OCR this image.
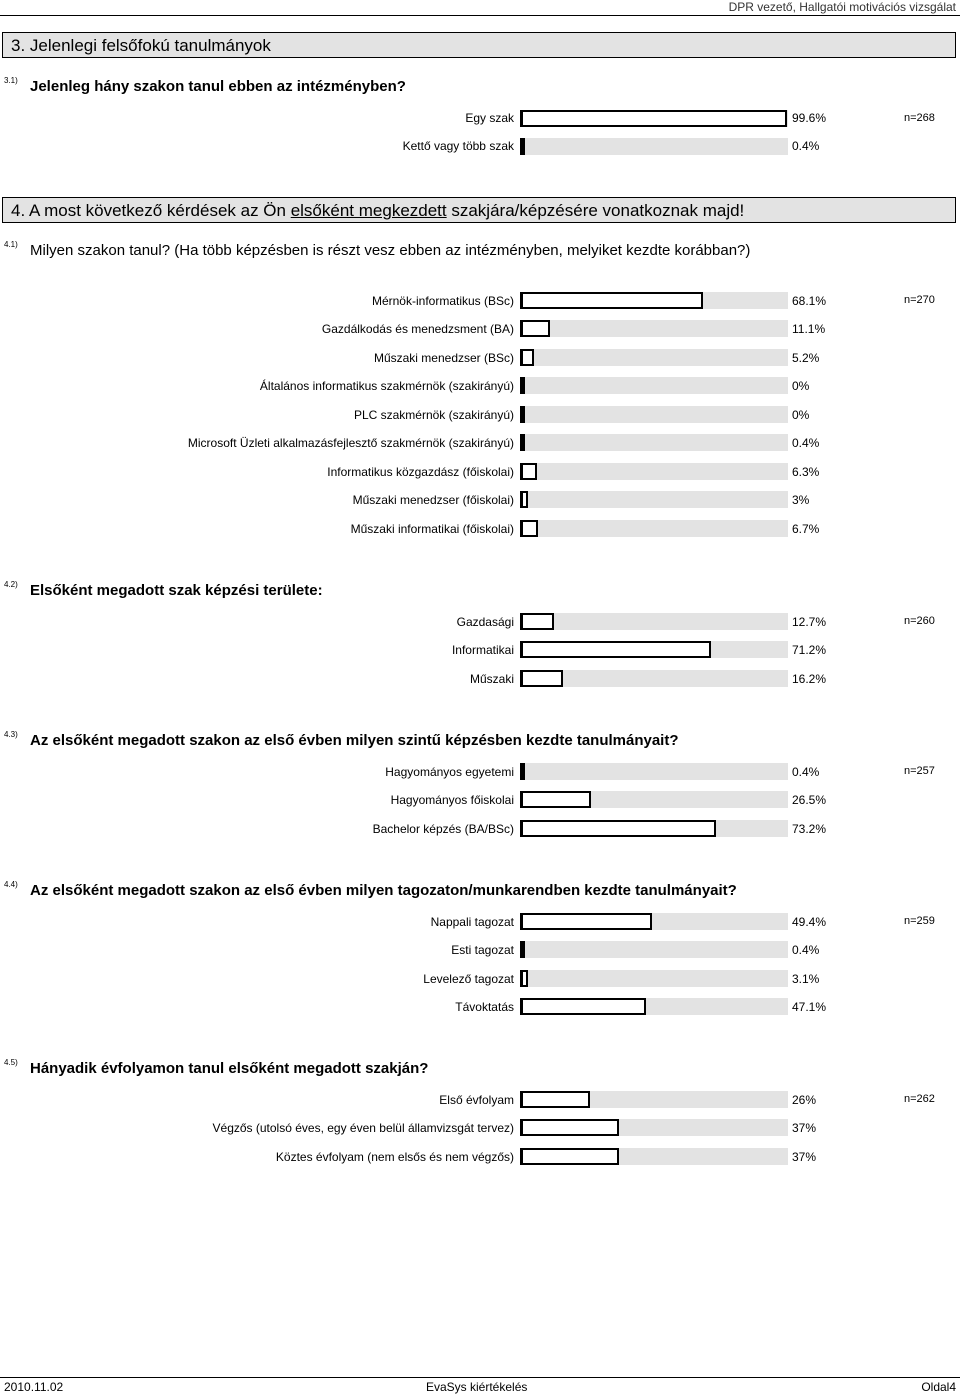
DPR vezető, Hallgatói motivációs vizsgálat
3. Jelenlegi felsőfokú tanulmányok
3.1) Jelenleg hány szakon tanul ebben az intézményben?
n=268
Egy szak	99.6%
Kettő vagy több szak	0.4%
4. A most következő kérdések az Ön elsőként megkezdett szakjára/képzésére vonatkoznak majd!
4.1) Milyen szakon tanul? (Ha több képzésben is részt vesz ebben az intézményben, melyiket kezdte korábban?)
n=270
Mérnök-informatikus (BSc)	68.1%
Gazdálkodás és menedzsment (BA)	11.1%
Műszaki menedzser (BSc)	5.2%
Általános informatikus szakmérnök (szakirányú)	0%
PLC szakmérnök (szakirányú)	0%
Microsoft Üzleti alkalmazásfejlesztő szakmérnök (szakirányú)	0.4%
Informatikus közgazdász (főiskolai)	6.3%
Műszaki menedzser (főiskolai)	3%
Műszaki informatikai (főiskolai)	6.7%
4.2) Elsőként megadott szak képzési területe:
n=260
Gazdasági	12.7%
Informatikai	71.2%
Műszaki	16.2%
4.3) Az elsőként megadott szakon az első évben milyen szintű képzésben kezdte tanulmányait?
n=257
Hagyományos egyetemi	0.4%
Hagyományos főiskolai	26.5%
Bachelor képzés (BA/BSc)	73.2%
4.4) Az elsőként megadott szakon az első évben milyen tagozaton/munkarendben kezdte tanulmányait?
n=259
Nappali tagozat	49.4%
Esti tagozat	0.4%
Levelező tagozat	3.1%
Távoktatás	47.1%
4.5) Hányadik évfolyamon tanul elsőként megadott szakján?
n=262
Első évfolyam	26%
Végzős (utolsó éves, egy éven belül államvizsgát tervez)	37%
Köztes évfolyam (nem elsős és nem végzős)	37%
2010.11.02	EvaSys kiértékelés	Oldal4
